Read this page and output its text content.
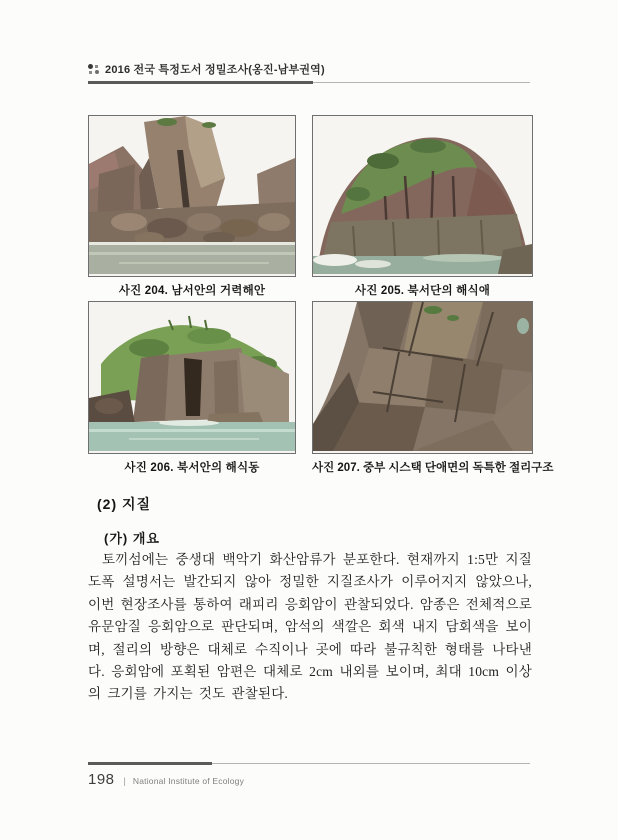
2016 전국 특정도서 정밀조사(옹진-남부권역)
사진 204. 남서안의 거력해안	사진 205. 북서단의 해식애
사진 206. 북서안의 해식동	사진 207. 중부 시스택 단애면의 독특한 절리구조
(2) 지질
(가) 개요

토끼섬에는 중생대 백악기 화산암류가 분포한다. 현재까지 1:5만 지질도폭 설명서는 발간되지 않아 정밀한 지질조사가 이루어지지 않았으나, 이번 현장조사를 통하여 래피리 응회암이 관찰되었다. 암종은 전체적으로 유문암질 응회암으로 판단되며, 암석의 색깔은 회색 내지 담회색을 보이며, 절리의 방향은 대체로 수직이나 곳에 따라 불규칙한 형태를 나타낸다. 응회암에 포획된 암편은 대체로 2cm 내외를 보이며, 최대 10cm 이상의 크기를 가지는 것도 관찰된다.

198 | National Institute of Ecology
